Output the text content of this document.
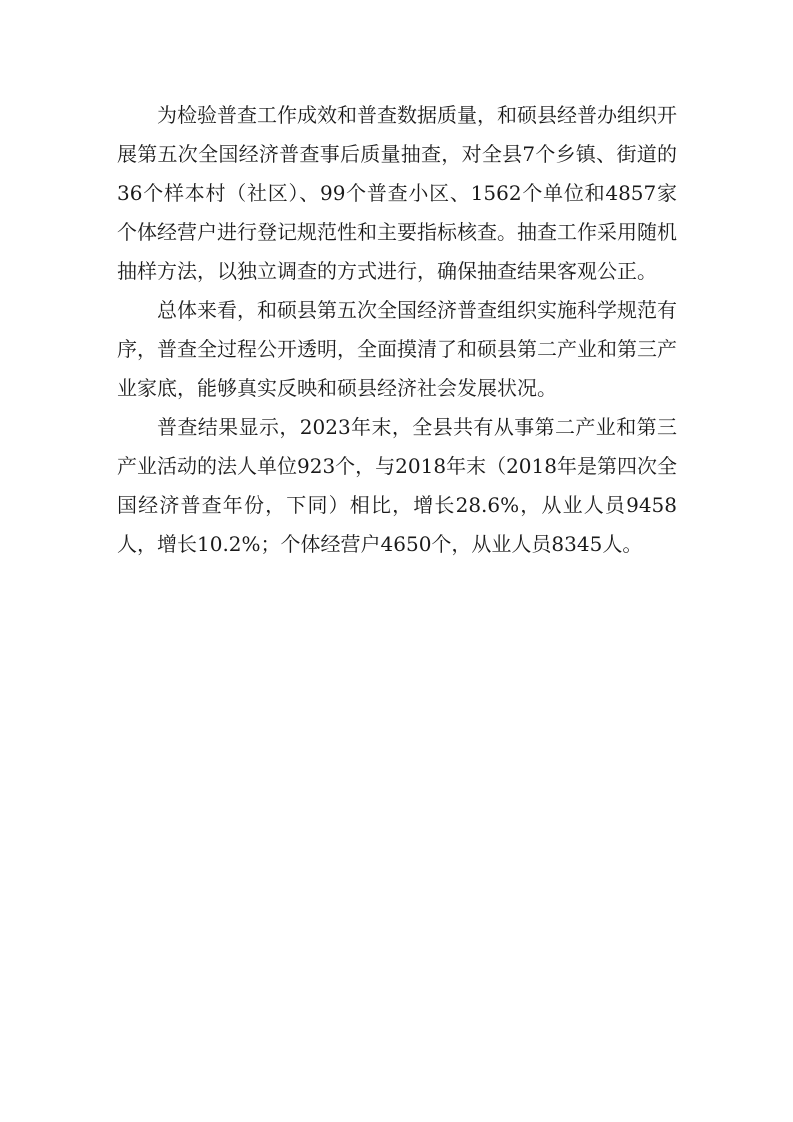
为检验普查工作成效和普查数据质量，和硕县经普办组织开展第五次全国经济普查事后质量抽查，对全县7个乡镇、街道的36个样本村（社区）、99个普查小区、1562个单位和4857家个体经营户进行登记规范性和主要指标核查。抽查工作采用随机抽样方法，以独立调查的方式进行，确保抽查结果客观公正。

总体来看，和硕县第五次全国经济普查组织实施科学规范有序，普查全过程公开透明，全面摸清了和硕县第二产业和第三产业家底，能够真实反映和硕县经济社会发展状况。

普查结果显示，2023年末，全县共有从事第二产业和第三产业活动的法人单位923个，与2018年末（2018年是第四次全国经济普查年份，下同）相比，增长28.6%，从业人员9458人，增长10.2%；个体经营户4650个，从业人员8345人。
